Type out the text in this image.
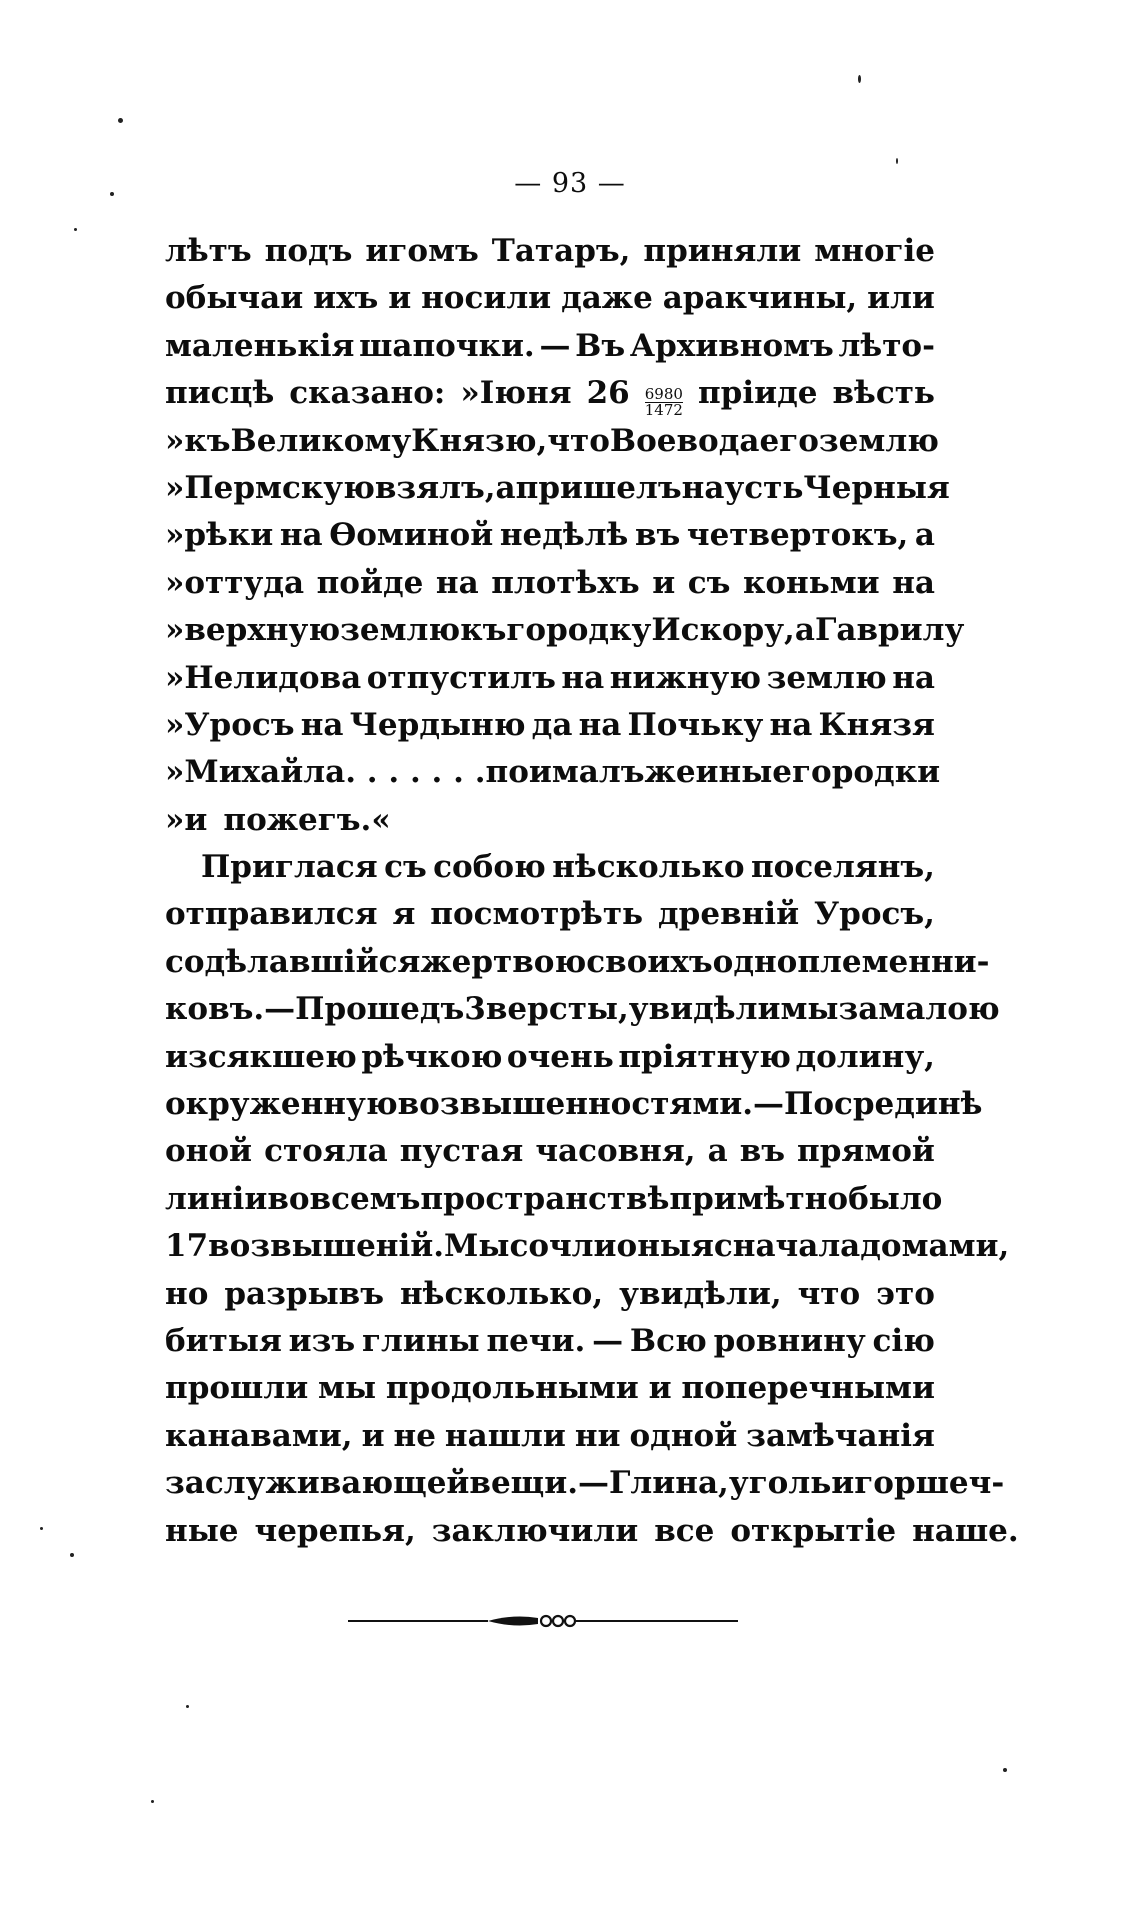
— 93 —
лѣтъ подъ игомъ Татаръ, приняли многіе
обычаи ихъ и носили даже аракчины, или
маленькія шапочки. — Въ Архивномъ лѣто-
писцѣ сказано: »Іюня 26 6980
1472 пріиде вѣсть
»къ Великому Князю, что Воевода его землю
»Пермскую взялъ, а пришелъ на усть Черныя
»рѣки на Ѳоминой недѣлѣ въ четвертокъ, а
»оттуда пойде на плотѣхъ и съ коньми на
»верхную землю къ городку Искору, а Гаврилу
»Нелидова отпустилъ на нижную землю на
»Уросъ на Чердыню да на Почьку на Князя
»Михайла . . . . . . . поималъ же иные городки
»и пожегъ.«
Приглася съ собою нѣсколько поселянъ,
отправился я посмотрѣть древній Уросъ,
содѣлавшійся жертвою своихъ одноплеменни-
ковъ.—Прошедъ 3 версты, увидѣли мы за малою
изсякшею рѣчкою очень пріятную долину,
окруженную возвышенностями. — По срединѣ
оной стояла пустая часовня, а въ прямой
линіи во всемъ пространствѣ примѣтно было
17 возвышеній. Мы сочли оныя сначала домами,
но разрывъ нѣсколько, увидѣли, что это
битыя изъ глины печи. — Всю ровнину сію
прошли мы продольными и поперечными
канавами, и не нашли ни одной замѣчанія
заслуживающей вещи.—Глина, уголь и горшеч-
ные черепья, заключили все открытіе наше.
